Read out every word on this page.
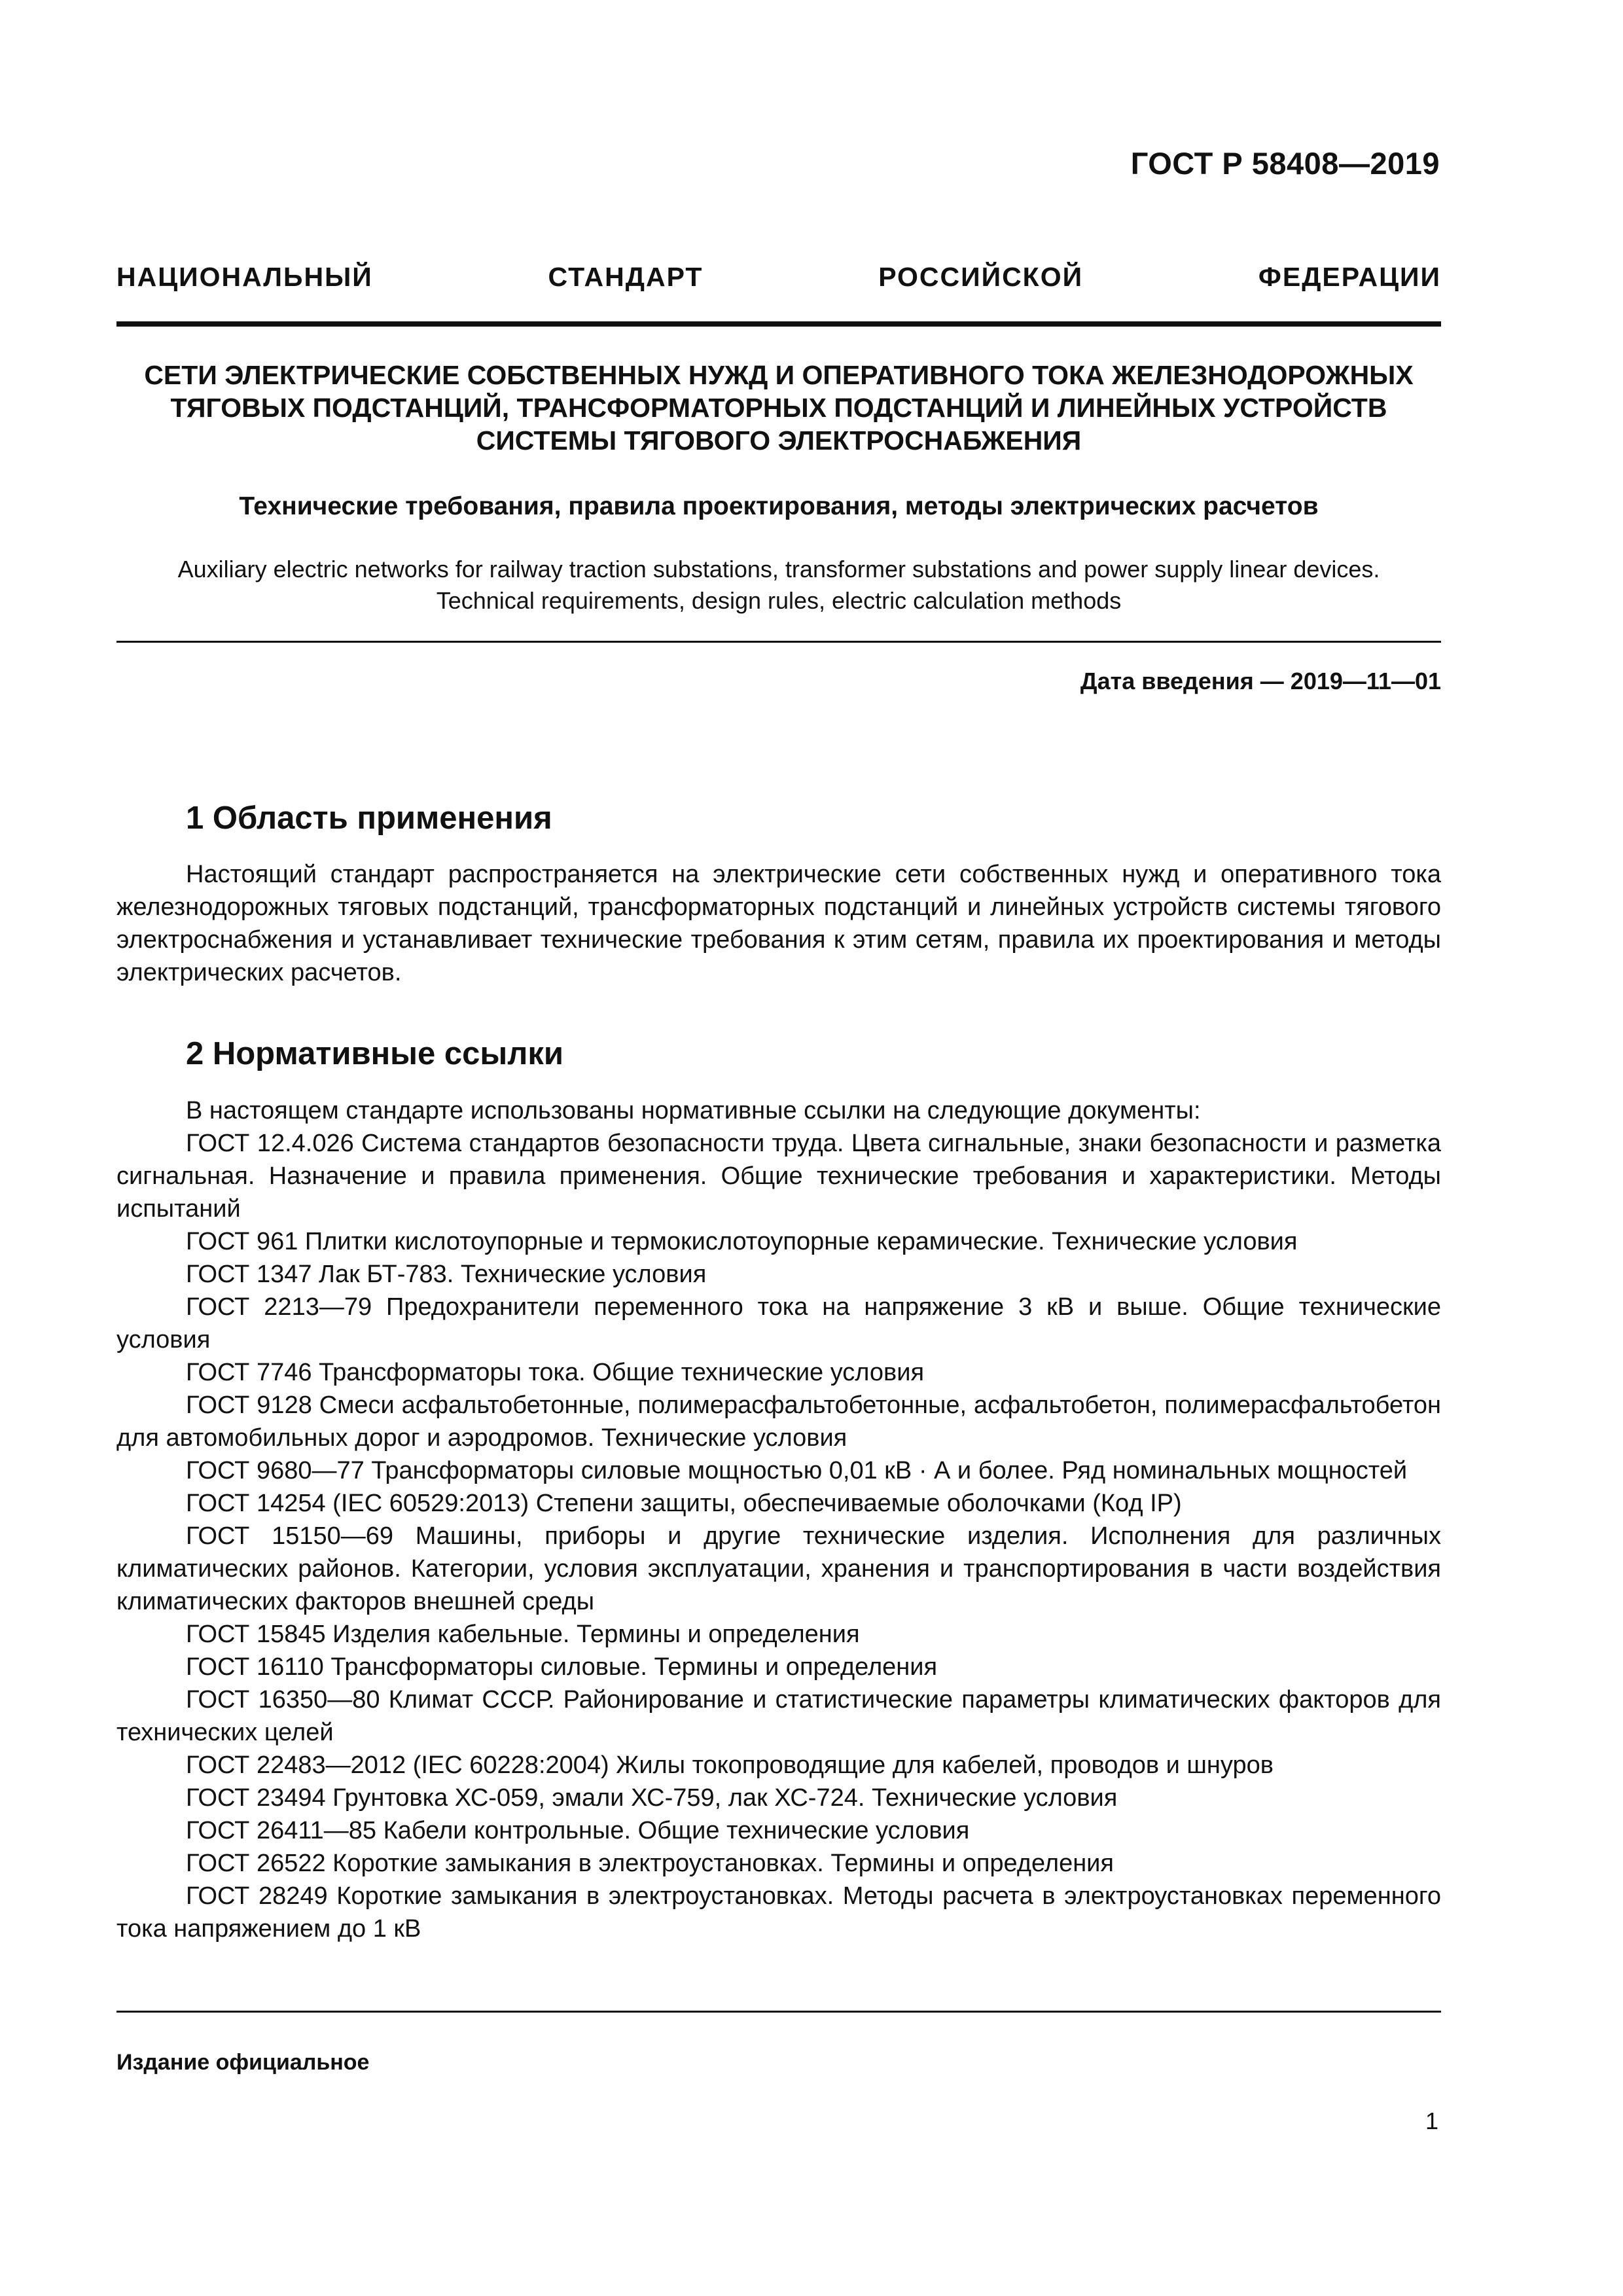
ГОСТ Р 58408—2019
НАЦИОНАЛЬНЫЙ СТАНДАРТ РОССИЙСКОЙ ФЕДЕРАЦИИ
СЕТИ ЭЛЕКТРИЧЕСКИЕ СОБСТВЕННЫХ НУЖД И ОПЕРАТИВНОГО ТОКА ЖЕЛЕЗНОДОРОЖНЫХ
ТЯГОВЫХ ПОДСТАНЦИЙ, ТРАНСФОРМАТОРНЫХ ПОДСТАНЦИЙ И ЛИНЕЙНЫХ УСТРОЙСТВ
СИСТЕМЫ ТЯГОВОГО ЭЛЕКТРОСНАБЖЕНИЯ
Технические требования, правила проектирования, методы электрических расчетов
Auxiliary electric networks for railway traction substations, transformer substations and power supply linear devices.
Technical requirements, design rules, electric calculation methods
Дата введения — 2019—11—01
1 Область применения

Настоящий стандарт распространяется на электрические сети собственных нужд и оперативного тока железнодорожных тяговых подстанций, трансформаторных подстанций и линейных устройств системы тягового электроснабжения и устанавливает технические требования к этим сетям, правила их проектирования и методы электрических расчетов.

2 Нормативные ссылки

В настоящем стандарте использованы нормативные ссылки на следующие документы:

ГОСТ 12.4.026 Система стандартов безопасности труда. Цвета сигнальные, знаки безопасности и разметка сигнальная. Назначение и правила применения. Общие технические требования и характеристики. Методы испытаний

ГОСТ 961 Плитки кислотоупорные и термокислотоупорные керамические. Технические условия

ГОСТ 1347 Лак БТ-783. Технические условия

ГОСТ 2213—79 Предохранители переменного тока на напряжение 3 кВ и выше. Общие технические условия

ГОСТ 7746 Трансформаторы тока. Общие технические условия

ГОСТ 9128 Смеси асфальтобетонные, полимерасфальтобетонные, асфальтобетон, полимерасфальтобетон для автомобильных дорог и аэродромов. Технические условия

ГОСТ 9680—77 Трансформаторы силовые мощностью 0,01 кВ · А и более. Ряд номинальных мощностей

ГОСТ 14254 (IEC 60529:2013) Степени защиты, обеспечиваемые оболочками (Код IP)

ГОСТ 15150—69 Машины, приборы и другие технические изделия. Исполнения для различных климатических районов. Категории, условия эксплуатации, хранения и транспортирования в части воздействия климатических факторов внешней среды

ГОСТ 15845 Изделия кабельные. Термины и определения

ГОСТ 16110 Трансформаторы силовые. Термины и определения

ГОСТ 16350—80 Климат СССР. Районирование и статистические параметры климатических факторов для технических целей

ГОСТ 22483—2012 (IEC 60228:2004) Жилы токопроводящие для кабелей, проводов и шнуров

ГОСТ 23494 Грунтовка ХС-059, эмали ХС-759, лак ХС-724. Технические условия

ГОСТ 26411—85 Кабели контрольные. Общие технические условия

ГОСТ 26522 Короткие замыкания в электроустановках. Термины и определения

ГОСТ 28249 Короткие замыкания в электроустановках. Методы расчета в электроустановках переменного тока напряжением до 1 кВ

Издание официальное
1
